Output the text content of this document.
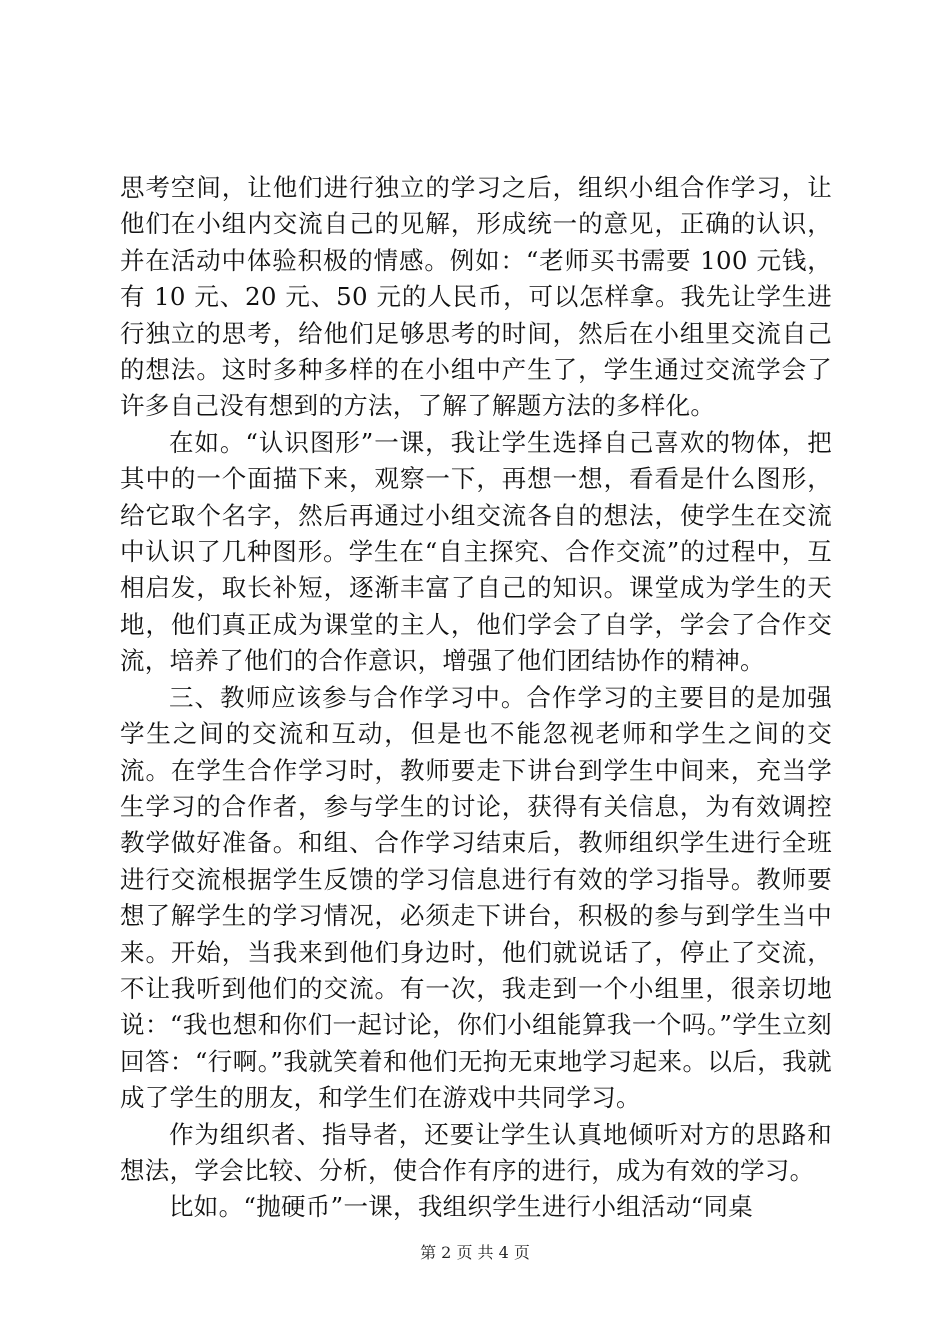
思考空间，让他们进行独立的学习之后，组织小组合作学习，让他们在小组内交流自己的见解，形成统一的意见，正确的认识，并在活动中体验积极的情感。例如：“老师买书需要 100 元钱，有 10 元、20 元、50 元的人民币，可以怎样拿。我先让学生进行独立的思考，给他们足够思考的时间，然后在小组里交流自己的想法。这时多种多样的在小组中产生了，学生通过交流学会了许多自己没有想到的方法，了解了解题方法的多样化。

在如。“认识图形”一课，我让学生选择自己喜欢的物体，把其中的一个面描下来，观察一下，再想一想，看看是什么图形，给它取个名字，然后再通过小组交流各自的想法，使学生在交流中认识了几种图形。学生在“自主探究、合作交流”的过程中，互相启发，取长补短，逐渐丰富了自己的知识。课堂成为学生的天地，他们真正成为课堂的主人，他们学会了自学，学会了合作交流，培养了他们的合作意识，增强了他们团结协作的精神。

三、教师应该参与合作学习中。合作学习的主要目的是加强学生之间的交流和互动，但是也不能忽视老师和学生之间的交流。在学生合作学习时，教师要走下讲台到学生中间来，充当学生学习的合作者，参与学生的讨论，获得有关信息，为有效调控教学做好准备。和组、合作学习结束后，教师组织学生进行全班进行交流根据学生反馈的学习信息进行有效的学习指导。教师要想了解学生的学习情况，必须走下讲台，积极的参与到学生当中来。开始，当我来到他们身边时，他们就说话了，停止了交流，不让我听到他们的交流。有一次，我走到一个小组里，很亲切地说：“我也想和你们一起讨论，你们小组能算我一个吗。”学生立刻回答：“行啊。”我就笑着和他们无拘无束地学习起来。以后，我就成了学生的朋友，和学生们在游戏中共同学习。

作为组织者、指导者，还要让学生认真地倾听对方的思路和想法，学会比较、分析，使合作有序的进行，成为有效的学习。

比如。“抛硬币”一课，我组织学生进行小组活动“同桌

第 2 页 共 4 页
